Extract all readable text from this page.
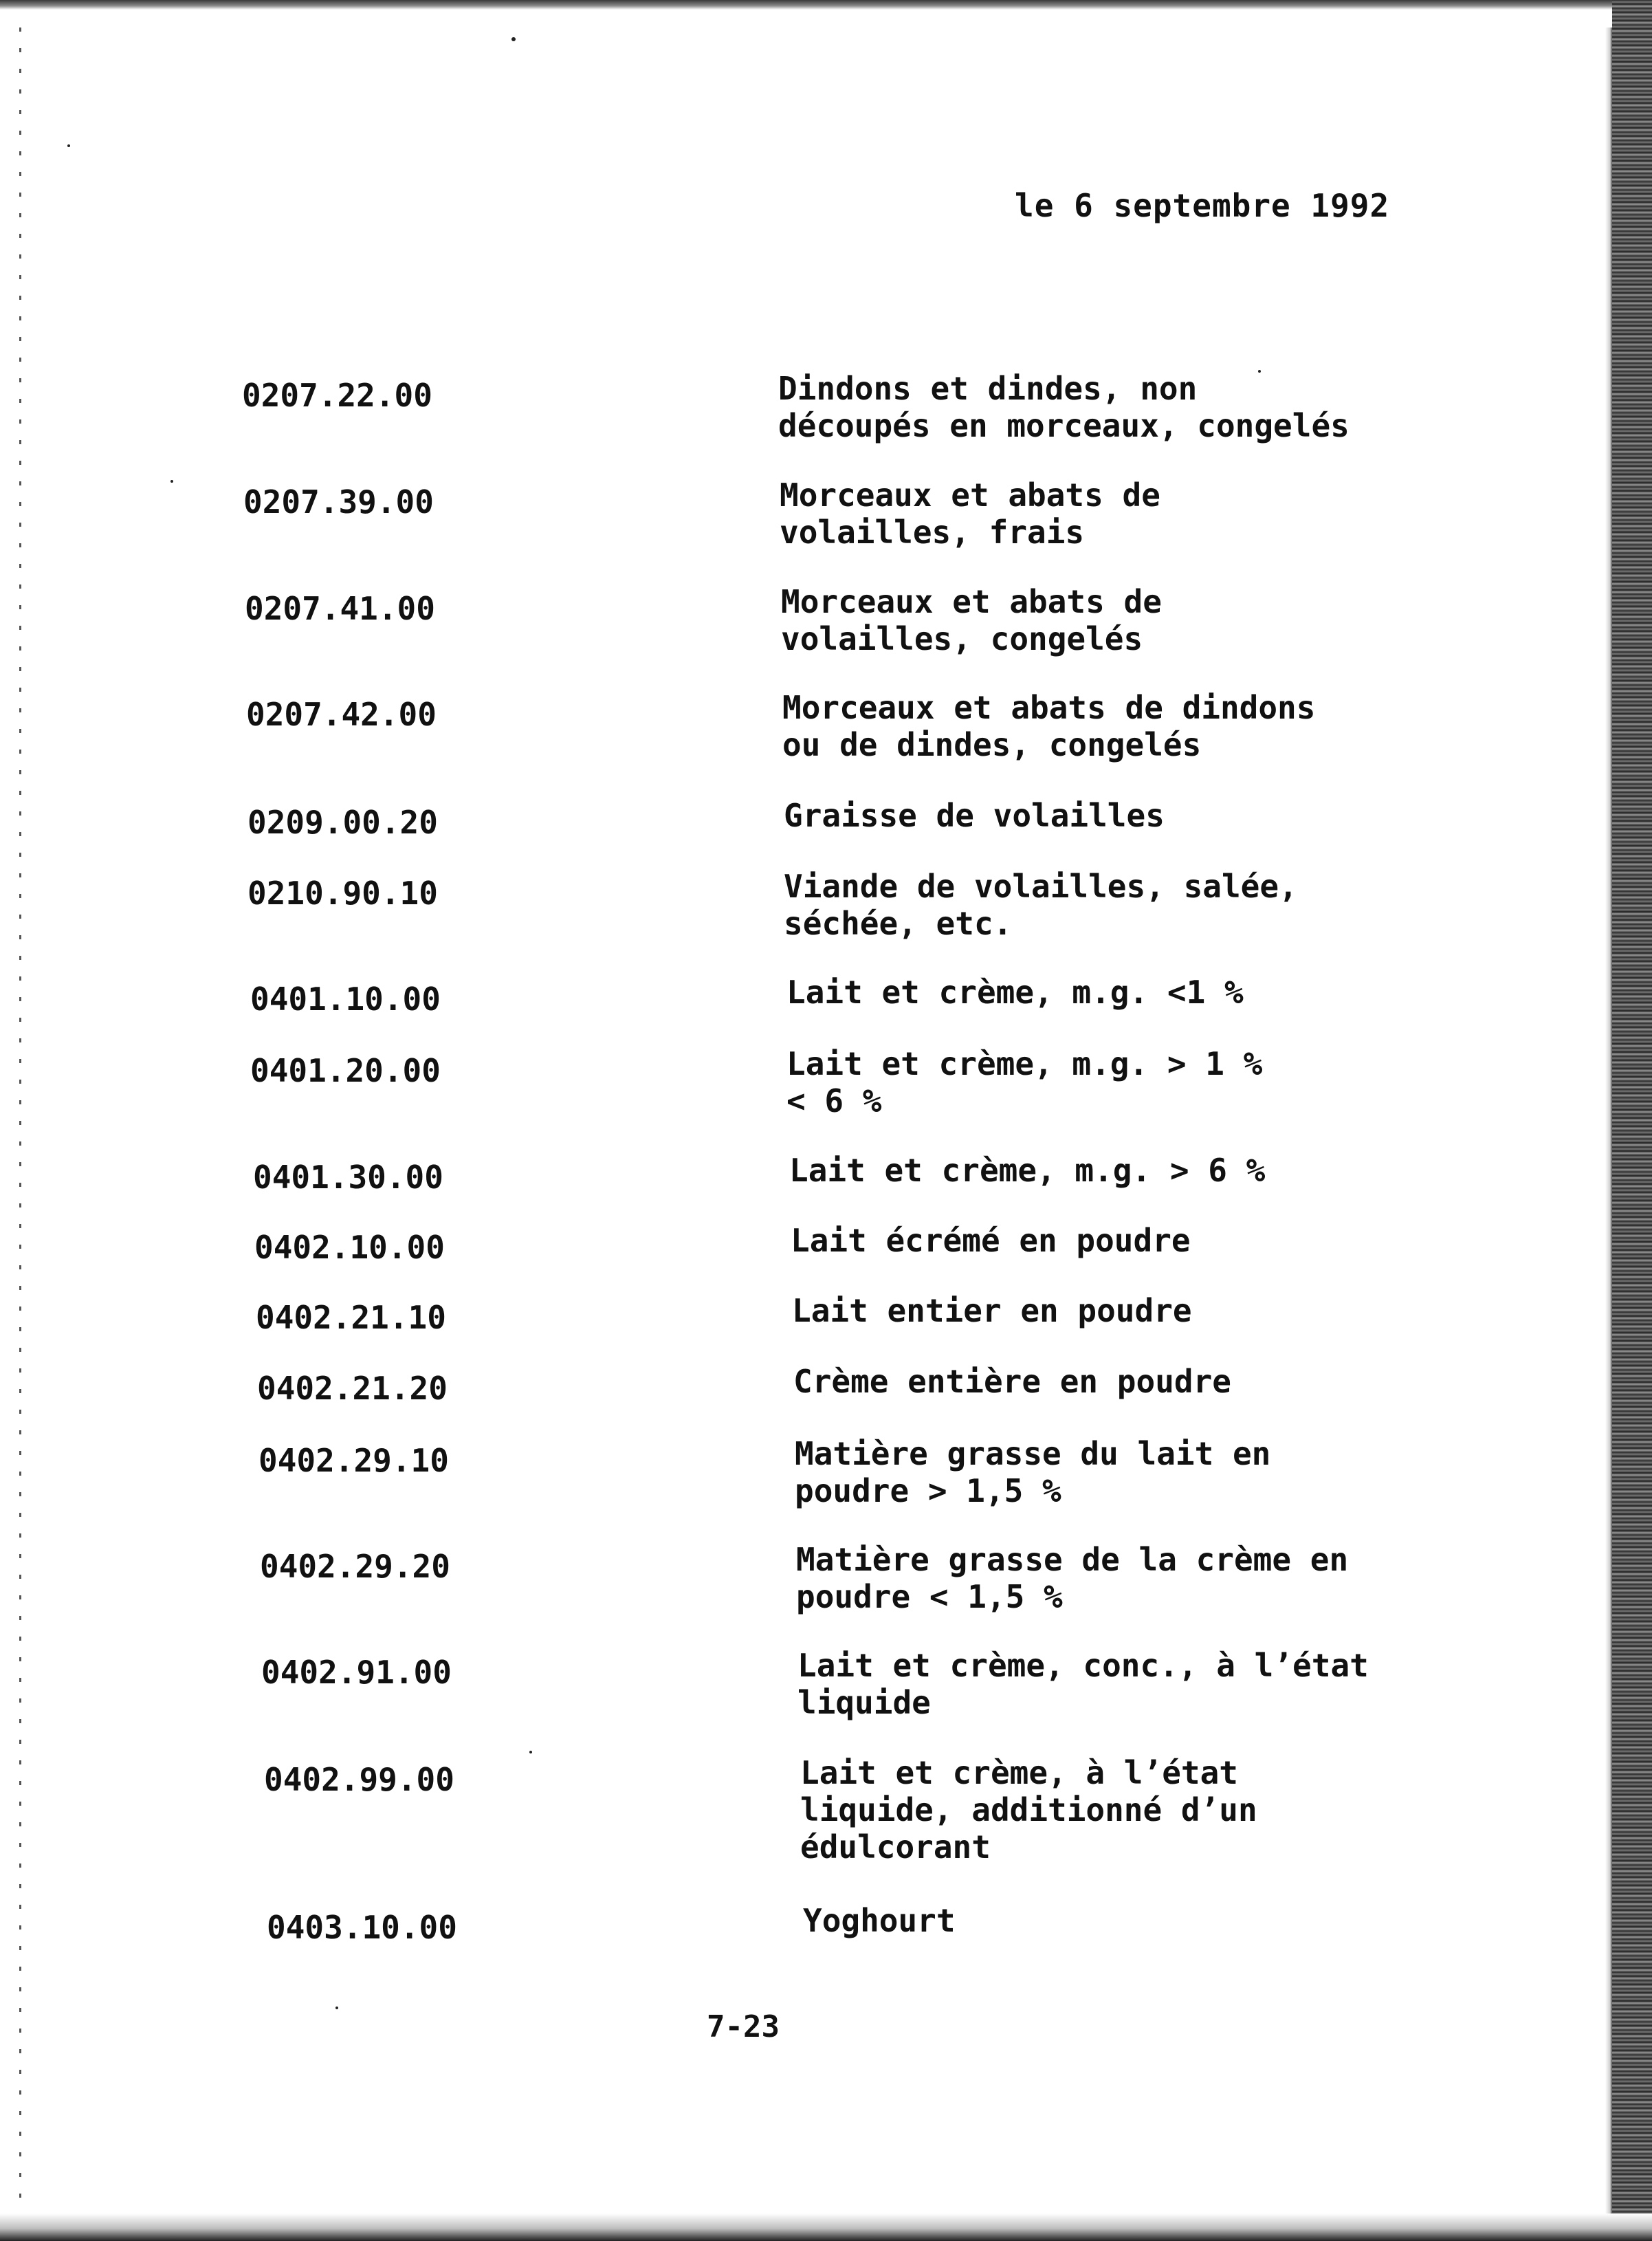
le 6 septembre 1992
0207.22.00	Dindons et dindes, non
découpés en morceaux, congelés
0207.39.00	Morceaux et abats de
volailles, frais
0207.41.00	Morceaux et abats de
volailles, congelés
0207.42.00	Morceaux et abats de dindons
ou de dindes, congelés
0209.00.20	Graisse de volailles
0210.90.10	Viande de volailles, salée,
séchée, etc.
0401.10.00	Lait et crème, m.g. <1 %
0401.20.00	Lait et crème, m.g. > 1 %
< 6 %
0401.30.00	Lait et crème, m.g. > 6 %
0402.10.00	Lait écrémé en poudre
0402.21.10	Lait entier en poudre
0402.21.20	Crème entière en poudre
0402.29.10	Matière grasse du lait en
poudre > 1,5 %
0402.29.20	Matière grasse de la crème en
poudre < 1,5 %
0402.91.00	Lait et crème, conc., à l’état
liquide
0402.99.00	Lait et crème, à l’état
liquide, additionné d’un
édulcorant
0403.10.00	Yoghourt
7-23
